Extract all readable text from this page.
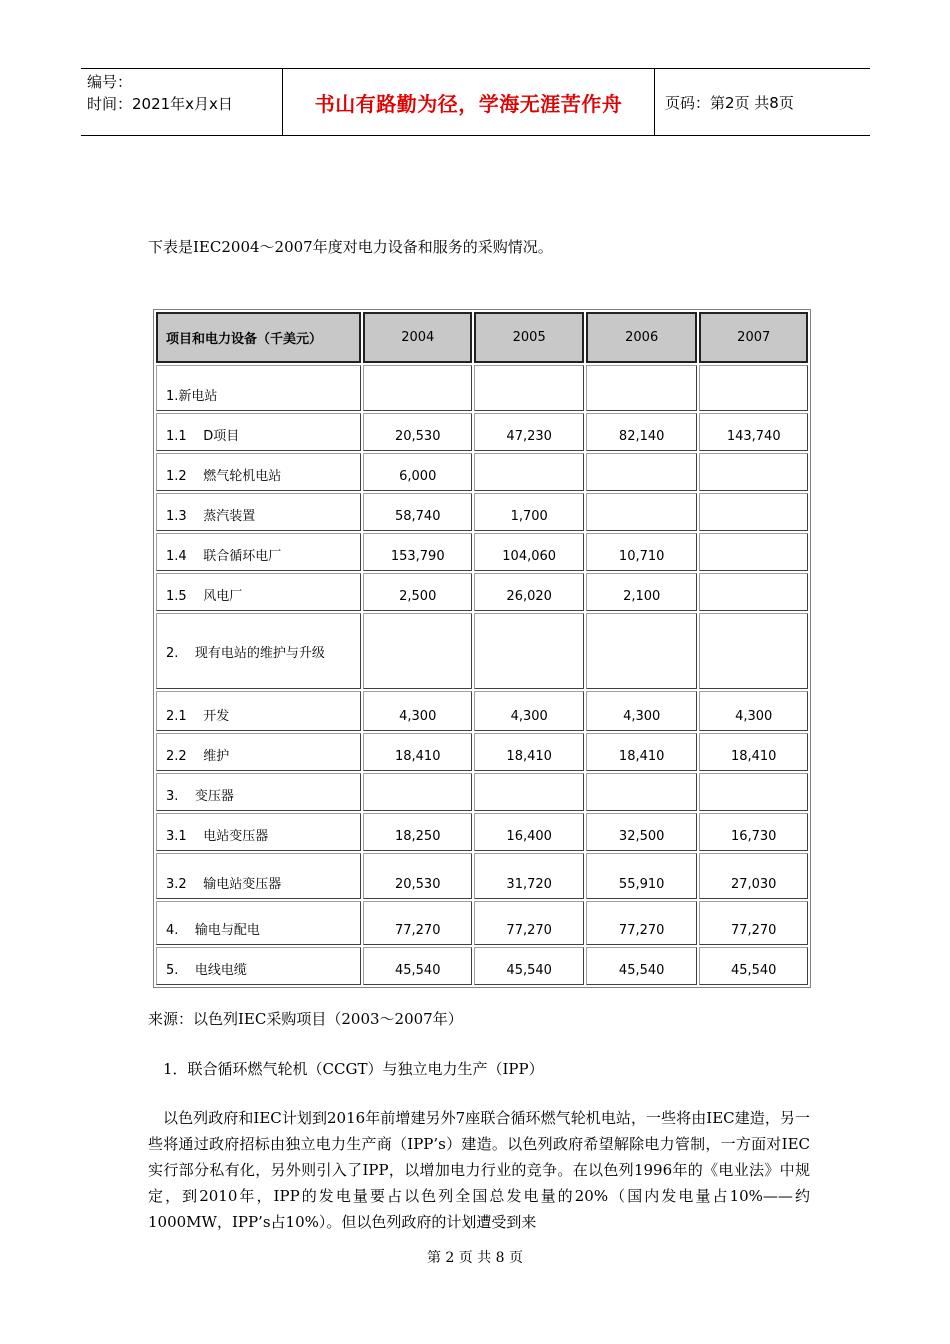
编号：
时间：2021年x月x日	书山有路勤为径，学海无涯苦作舟	页码：第2页 共8页
下表是IEC2004～2007年度对电力设备和服务的采购情况。
项目和电力设备（千美元）	2004	2005	2006	2007
1.新电站				
1.1    D项目	20,530	47,230	82,140	143,740
1.2    燃气轮机电站	6,000			
1.3    蒸汽装置	58,740	1,700		
1.4    联合循环电厂	153,790	104,060	10,710	
1.5    风电厂	2,500	26,020	2,100	
2.    现有电站的维护与升级				
2.1    开发	4,300	4,300	4,300	4,300
2.2    维护	18,410	18,410	18,410	18,410
3.    变压器				
3.1    电站变压器	18,250	16,400	32,500	16,730
3.2    输电站变压器	20,530	31,720	55,910	27,030
4.    输电与配电	77,270	77,270	77,270	77,270
5.    电线电缆	45,540	45,540	45,540	45,540
来源：以色列IEC采购项目（2003～2007年）
1．联合循环燃气轮机（CCGT）与独立电力生产（IPP）

以色列政府和IEC计划到2016年前增建另外7座联合循环燃气轮机电站，一些将由IEC建造，另一些将通过政府招标由独立电力生产商（IPP’s）建造。以色列政府希望解除电力管制，一方面对IEC实行部分私有化，另外则引入了IPP，以增加电力行业的竞争。在以色列1996年的《电业法》中规定，到2010年，IPP的发电量要占以色列全国总发电量的20%（国内发电量占10%——约1000MW，IPP’s占10%）。但以色列政府的计划遭受到来

第 2 页 共 8 页
